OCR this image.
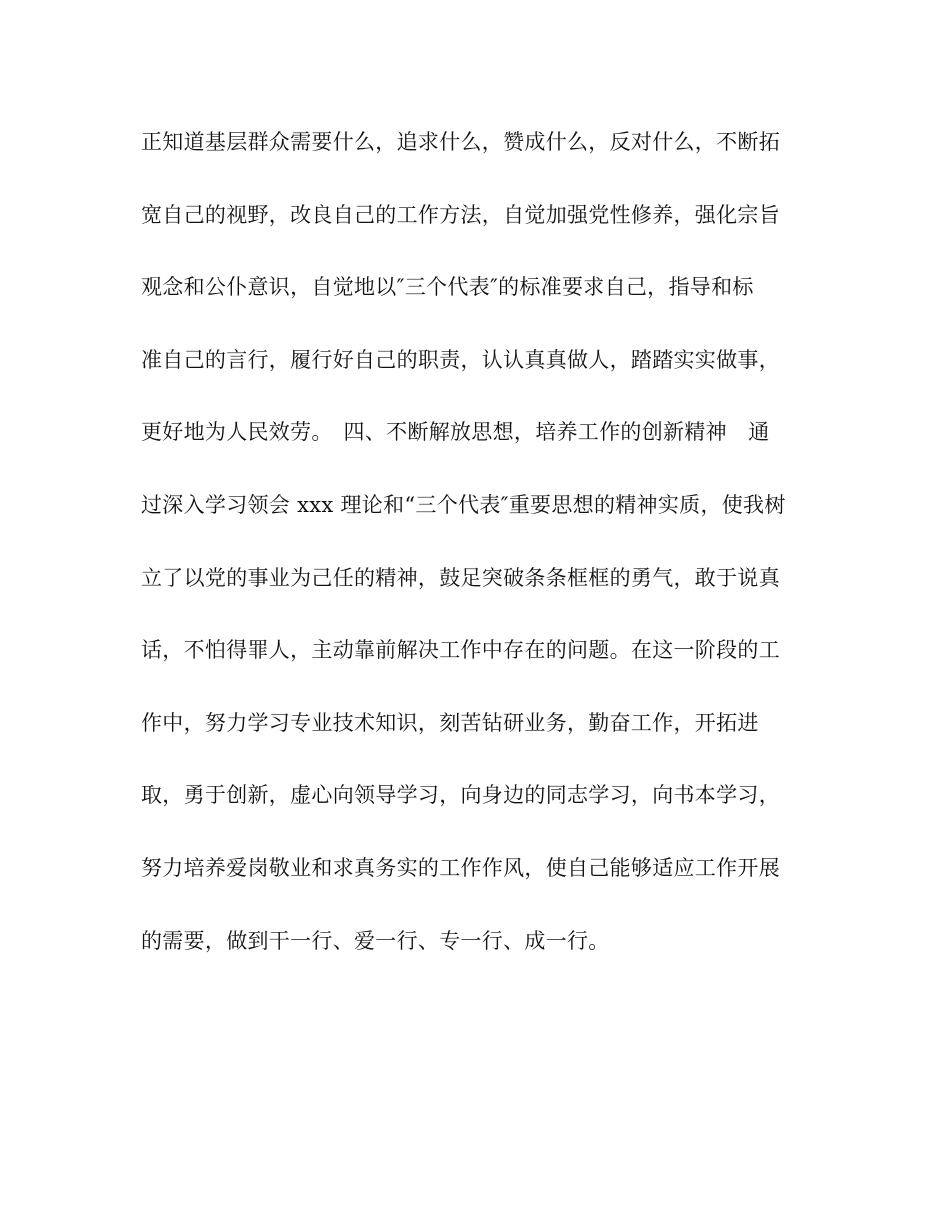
正知道基层群众需要什么，追求什么，赞成什么，反对什么，不断拓
宽自己的视野，改良自己的工作方法，自觉加强党性修养，强化宗旨
观念和公仆意识，自觉地以″三个代表″的标准要求自己，指导和标
准自己的言行，履行好自己的职责，认认真真做人，踏踏实实做事，
更好地为人民效劳。　四、不断解放思想，培养工作的创新精神　通
过深入学习领会 xxx 理论和“三个代表″重要思想的精神实质，使我树
立了以党的事业为己任的精神，鼓足突破条条框框的勇气，敢于说真
话，不怕得罪人，主动靠前解决工作中存在的问题。在这一阶段的工
作中，努力学习专业技术知识，刻苦钻研业务，勤奋工作，开拓进
取，勇于创新，虚心向领导学习，向身边的同志学习，向书本学习，
努力培养爱岗敬业和求真务实的工作作风，使自己能够适应工作开展
的需要，做到干一行、爱一行、专一行、成一行。
